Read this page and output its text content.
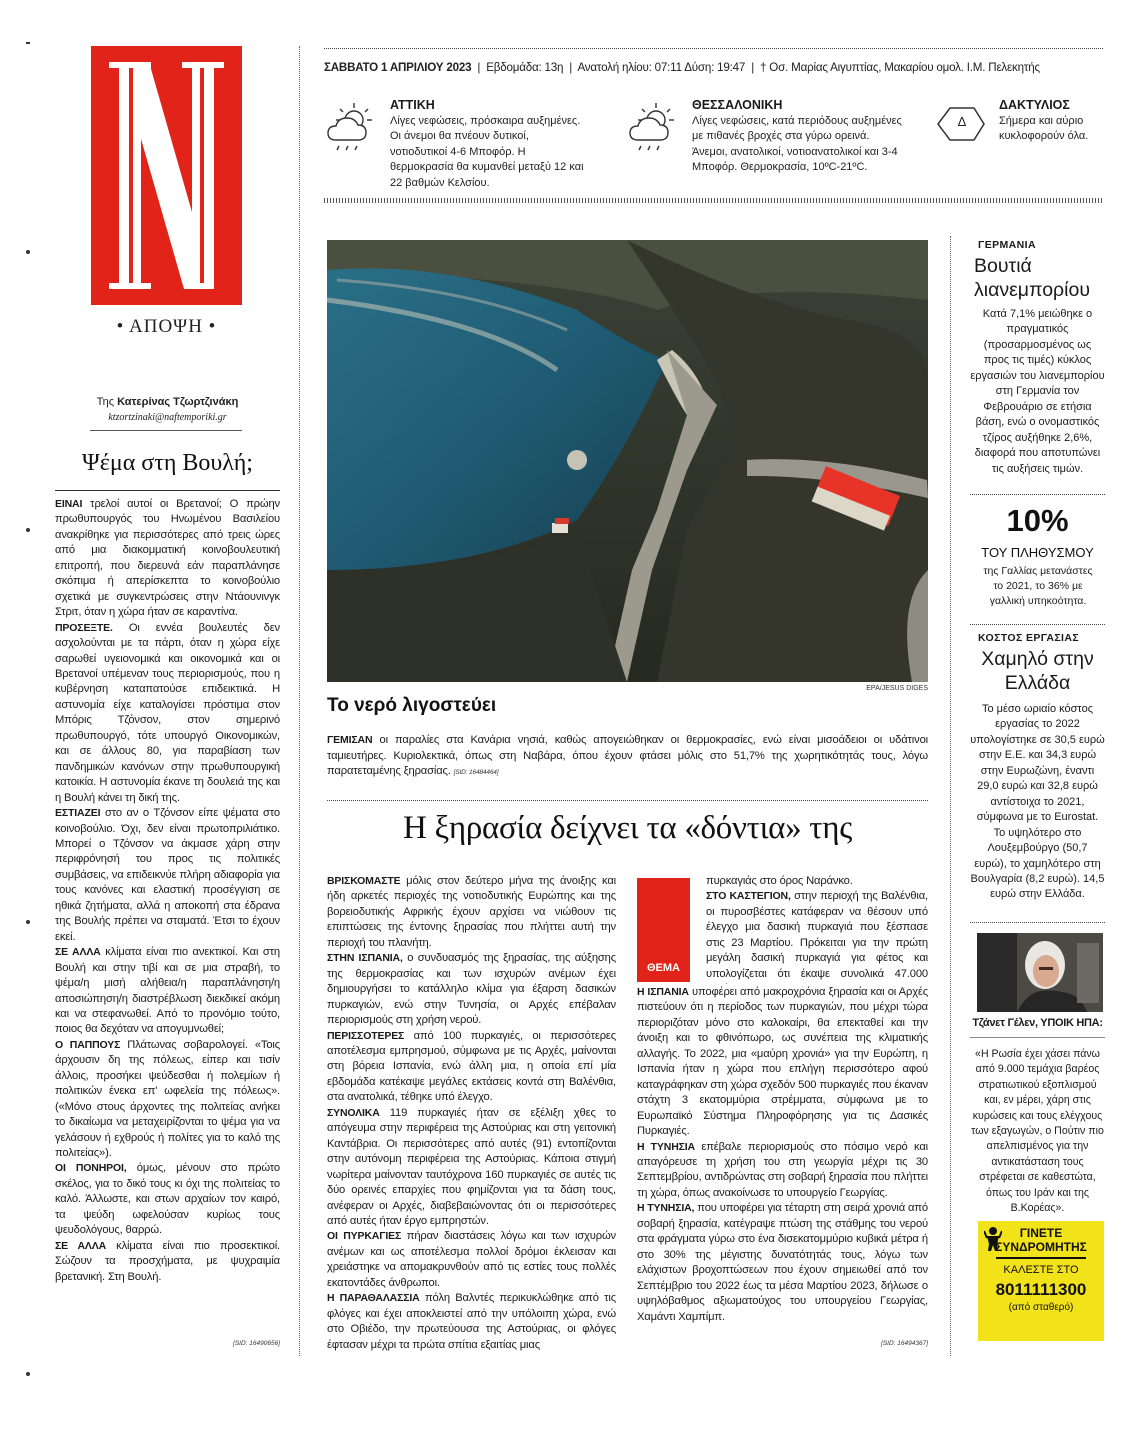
• ΑΠΟΨΗ •
Της Κατερίνας Τζωρτζινάκη
ktzortzinaki@naftemporiki.gr
Ψέμα στη Βουλή;
ΕΙΝΑΙ τρελοί αυτοί οι Βρετανοί; Ο πρώην πρωθυπουργός του Ηνωμένου Βασιλείου ανακρίθηκε για περισσότερες από τρεις ώρες από μια διακομματική κοινοβουλευτική επιτροπή, που διερευνά εάν παραπλάνησε σκόπιμα ή απερίσκεπτα το κοινοβούλιο σχετικά με συγκεντρώσεις στην Ντάουνινγκ Στριτ, όταν η χώρα ήταν σε καραντίνα.
ΠΡΟΣΕΞΤΕ. Οι εννέα βουλευτές δεν ασχολούνται με τα πάρτι, όταν η χώρα είχε σαρωθεί υγειονομικά και οικονομικά και οι Βρετανοί υπέμεναν τους περιορισμούς, που η κυβέρνηση καταπατούσε επιδεικτικά. Η αστυνομία είχε καταλογίσει πρόστιμα στον Μπόρις Τζόνσον, στον σημερινό πρωθυπουργό, τότε υπουργό Οικονομικών, και σε άλλους 80, για παραβίαση των πανδημικών κανόνων στην πρωθυπουργική κατοικία. Η αστυνομία έκανε τη δουλειά της και η Βουλή κάνει τη δική της.
ΕΣΤΙΑΖΕΙ στο αν ο Τζόνσον είπε ψέματα στο κοινοβούλιο. Όχι, δεν είναι πρωτοπριλιάτικο. Μπορεί ο Τζόνσον να άκμασε χάρη στην περιφρόνησή του προς τις πολιτικές συμβάσεις, να επιδεικνύε πλήρη αδιαφορία για τους κανόνες και ελαστική προσέγγιση σε ηθικά ζητήματα, αλλά η αποκοπή στα έδρανα της Βουλής πρέπει να σταματά. Έτσι το έχουν εκεί.
ΣΕ ΑΛΛΑ κλίματα είναι πιο ανεκτικοί. Και στη Βουλή και στην τιβί και σε μια στραβή, το ψέμα/η μισή αλήθεια/η παραπλάνηση/η αποσιώπηση/η διαστρέβλωση διεκδικεί ακόμη και να στεφανωθεί. Από το προνόμιο τούτο, ποιος θα δεχόταν να απογυμνωθεί;
Ο ΠΑΠΠΟΥΣ Πλάτωνας σοβαρολογεί. «Τοις άρχουσιν δη της πόλεως, είπερ και τισίν άλλοις, προσήκει ψεύδεσθαι ή πολεμίων ή πολιτικών ένεκα επ' ωφελεία της πόλεως». («Μόνο στους άρχοντες της πολιτείας ανήκει το δικαίωμα να μεταχειρίζονται το ψέμα για να γελάσουν ή εχθρούς ή πολίτες για το καλό της πολιτείας»).
ΟΙ ΠΟΝΗΡΟΙ, όμως, μένουν στο πρώτο σκέλος, για το δικό τους κι όχι της πολιτείας το καλό. Άλλωστε, και στων αρχαίων τον καιρό, τα ψεύδη ωφελούσαν κυρίως τους ψευδολόγους, θαρρώ.
ΣΕ ΑΛΛΑ κλίματα είναι πιο προσεκτικοί. Σώζουν τα προσχήματα, με ψυχραιμία βρετανική. Στη Βουλή.
[SID: 16490656]
ΣΑΒΒΑΤΟ 1 ΑΠΡΙΛΙΟΥ 2023 | Εβδομάδα: 13η | Ανατολή ηλίου: 07:11 Δύση: 19:47 | † Οσ. Μαρίας Αιγυπτίας, Μακαρίου ομολ. Ι.Μ. Πελεκητής
ΑΤΤΙΚΗ
Λίγες νεφώσεις, πρόσκαιρα αυξημένες. Οι άνεμοι θα πνέουν δυτικοί, νοτιοδυτικοί 4-6 Μποφόρ. Η θερμοκρασία θα κυμανθεί μεταξύ 12 και 22 βαθμών Κελσίου.
ΘΕΣΣΑΛΟΝΙΚΗ
Λίγες νεφώσεις, κατά περιόδους αυξημένες με πιθανές βροχές στα γύρω ορεινά. Άνεμοι, ανατολικοί, νοτιοανατολικοί και 3-4 Μποφόρ. Θερμοκρασία, 10ºC-21ºC.
Δ
ΔΑΚΤΥΛΙΟΣ
Σήμερα και αύριο κυκλοφορούν όλα.
EPA/JESUS DIGES
Το νερό λιγοστεύει
ΓΕΜΙΣΑΝ οι παραλίες στα Κανάρια νησιά, καθώς απογειώθηκαν οι θερμοκρασίες, ενώ είναι μισοάδειοι οι υδάτινοι ταμιευτήρες. Κυριολεκτικά, όπως στη Ναβάρα, όπου έχουν φτάσει μόλις στο 51,7% της χωρητικότητάς τους, λόγω παρατεταμένης ξηρασίας. [SID: 16484464]
Η ξηρασία δείχνει τα «δόντια» της
ΒΡΙΣΚΟΜΑΣΤΕ μόλις στον δεύτερο μήνα της άνοιξης και ήδη αρκετές περιοχές της νοτιοδυτικής Ευρώπης και της βορειοδυτικής Αφρικής έχουν αρχίσει να νιώθουν τις επιπτώσεις της έντονης ξηρασίας που πλήττει αυτή την περιοχή του πλανήτη.
ΣΤΗΝ ΙΣΠΑΝΙΑ, ο συνδυασμός της ξηρασίας, της αύξησης της θερμοκρασίας και των ισχυρών ανέμων έχει δημιουργήσει το κατάλληλο κλίμα για έξαρση δασικών πυρκαγιών, ενώ στην Τυνησία, οι Αρχές επέβαλαν περιορισμούς στη χρήση νερού.
ΠΕΡΙΣΣΟΤΕΡΕΣ από 100 πυρκαγιές, οι περισσότερες αποτέλεσμα εμπρησμού, σύμφωνα με τις Αρχές, μαίνονται στη βόρεια Ισπανία, ενώ άλλη μια, η οποία επί μία εβδομάδα κατέκαψε μεγάλες εκτάσεις κοντά στη Βαλένθια, στα ανατολικά, τέθηκε υπό έλεγχο.
ΣΥΝΟΛΙΚΑ 119 πυρκαγιές ήταν σε εξέλιξη χθες το απόγευμα στην περιφέρεια της Αστούριας και στη γειτονική Καντάβρια. Οι περισσότερες από αυτές (91) εντοπίζονται στην αυτόνομη περιφέρεια της Αστούριας. Κάποια στιγμή νωρίτερα μαίνονταν ταυτόχρονα 160 πυρκαγιές σε αυτές τις δύο ορεινές επαρχίες που φημίζονται για τα δάση τους, ανέφεραν οι Αρχές, διαβεβαιώνοντας ότι οι περισσότερες από αυτές ήταν έργο εμπρηστών.
ΟΙ ΠΥΡΚΑΓΙΕΣ πήραν διαστάσεις λόγω και των ισχυρών ανέμων και ως αποτέλεσμα πολλοί δρόμοι έκλεισαν και χρειάστηκε να απομακρυνθούν από τις εστίες τους πολλές εκατοντάδες άνθρωποι.
Η ΠΑΡΑΘΑΛΑΣΣΙΑ πόλη Βαλντές περικυκλώθηκε από τις φλόγες και έχει αποκλειστεί από την υπόλοιπη χώρα, ενώ στο Οβιέδο, την πρωτεύουσα της Αστούριας, οι φλόγες έφτασαν μέχρι τα πρώτα σπίτια εξαιτίας μιας
ΘΕΜΑ
πυρκαγιάς στο όρος Ναράνκο.
ΣΤΟ ΚΑΣΤΕΓΙΟΝ, στην περιοχή της Βαλένθια, οι πυροσβέστες κατάφεραν να θέσουν υπό έλεγχο μια δασική πυρκαγιά που ξέσπασε στις 23 Μαρτίου. Πρόκειται για την πρώτη μεγάλη δασική πυρκαγιά για φέτος και υπολογίζεται ότι έκαψε συνολικά 47.000
Η ΙΣΠΑΝΙΑ υποφέρει από μακροχρόνια ξηρασία και οι Αρχές πιστεύουν ότι η περίοδος των πυρκαγιών, που μέχρι τώρα περιοριζόταν μόνο στο καλοκαίρι, θα επεκταθεί και την άνοιξη και το φθινόπωρο, ως συνέπεια της κλιματικής αλλαγής. Το 2022, μια «μαύρη χρονιά» για την Ευρώπη, η Ισπανία ήταν η χώρα που επλήγη περισσότερο αφού καταγράφηκαν στη χώρα σχεδόν 500 πυρκαγιές που έκαναν στάχτη 3 εκατομμύρια στρέμματα, σύμφωνα με το Ευρωπαϊκό Σύστημα Πληροφόρησης για τις Δασικές Πυρκαγιές.
Η ΤΥΝΗΣΙΑ επέβαλε περιορισμούς στο πόσιμο νερό και απαγόρευσε τη χρήση του στη γεωργία μέχρι τις 30 Σεπτεμβρίου, αντιδρώντας στη σοβαρή ξηρασία που πλήττει τη χώρα, όπως ανακοίνωσε το υπουργείο Γεωργίας.
Η ΤΥΝΗΣΙΑ, που υποφέρει για τέταρτη στη σειρά χρονιά από σοβαρή ξηρασία, κατέγραψε πτώση της στάθμης του νερού στα φράγματα γύρω στο ένα δισεκατομμύριο κυβικά μέτρα ή στο 30% της μέγιστης δυνατότητάς τους, λόγω των ελάχιστων βροχοπτώσεων που έχουν σημειωθεί από τον Σεπτέμβριο του 2022 έως τα μέσα Μαρτίου 2023, δήλωσε ο υψηλόβαθμος αξιωματούχος του υπουργείου Γεωργίας, Χαμάντι Χαμπίμπ.
[SID: 16494367]
ΓΕΡΜΑΝΙΑ
Βουτιά λιανεμπορίου
Κατά 7,1% μειώθηκε ο πραγματικός (προσαρμοσμένος ως προς τις τιμές) κύκλος εργασιών του λιανεμπορίου στη Γερμανία τον Φεβρουάριο σε ετήσια βάση, ενώ ο ονομαστικός τζίρος αυξήθηκε 2,6%, διαφορά που αποτυπώνει τις αυξήσεις τιμών.
10%
ΤΟΥ ΠΛΗΘΥΣΜΟΥ
της Γαλλίας μετανάστες το 2021, το 36% με γαλλική υπηκοότητα.
ΚΟΣΤΟΣ ΕΡΓΑΣΙΑΣ
Χαμηλό στην Ελλάδα
Το μέσο ωριαίο κόστος εργασίας το 2022 υπολογίστηκε σε 30,5 ευρώ στην Ε.Ε. και 34,3 ευρώ στην Ευρωζώνη, έναντι 29,0 ευρώ και 32,8 ευρώ αντίστοιχα το 2021, σύμφωνα με το Eurostat. Το υψηλότερο στο Λουξεμβούργο (50,7 ευρώ), το χαμηλότερο στη Βουλγαρία (8,2 ευρώ). 14,5 ευρώ στην Ελλάδα.
Τζάνετ Γέλεν, ΥΠΟΙΚ ΗΠΑ:
«Η Ρωσία έχει χάσει πάνω από 9.000 τεμάχια βαρέος στρατιωτικού εξοπλισμού και, εν μέρει, χάρη στις κυρώσεις και τους ελέγχους των εξαγωγών, ο Πούτιν πιο απελπισμένος για την αντικατάσταση τους στρέφεται σε καθεστώτα, όπως του Ιράν και της Β.Κορέας».
ΓΙΝΕΤΕ
ΣΥΝΔΡΟΜΗΤΗΣ
ΚΑΛΕΣΤΕ ΣΤΟ
8011111300
(από σταθερό)
